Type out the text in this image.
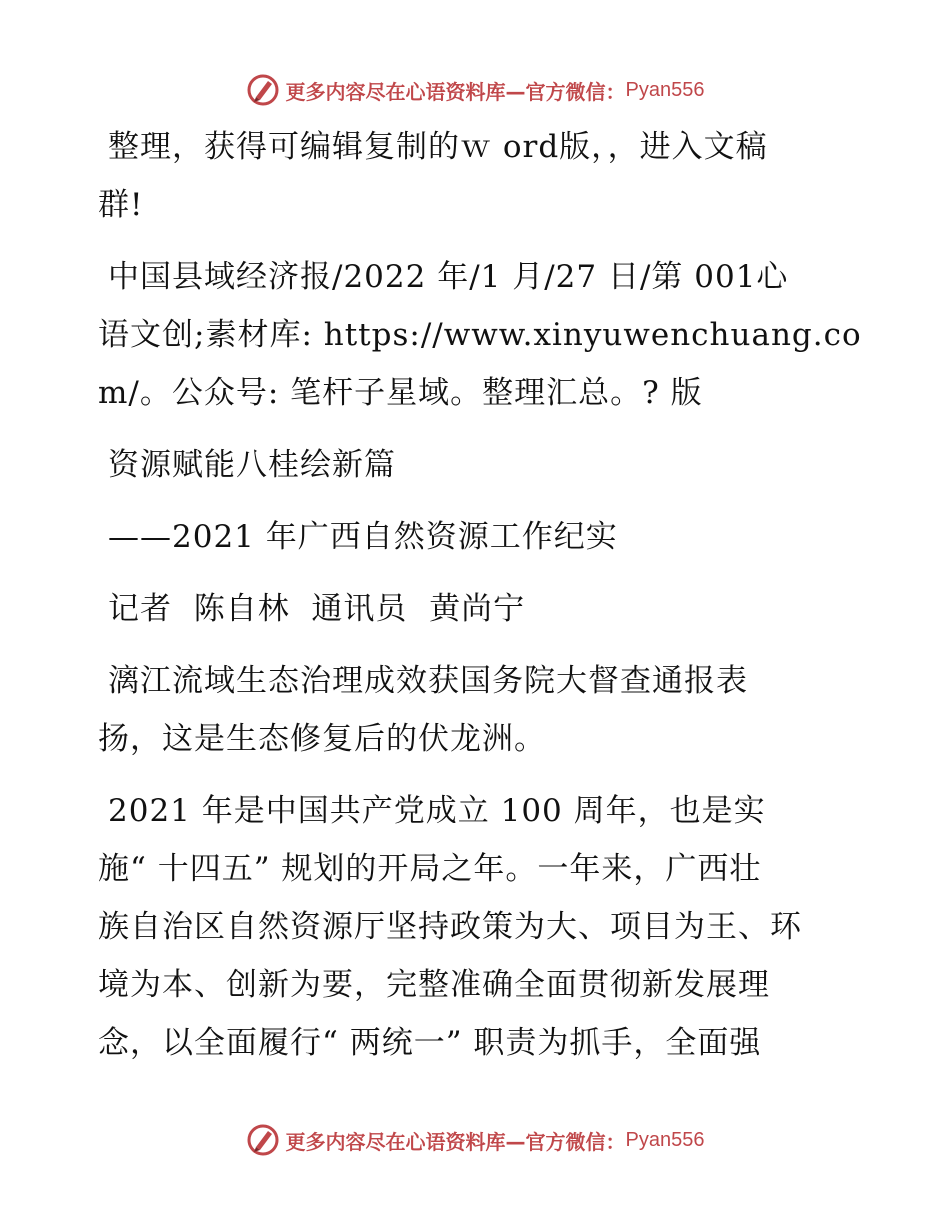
更多内容尽在心语资料库—官方微信： Pyan556
整理，获得可编辑复制的ｗ ord版，，进入文稿
群!
中国县域经济报/2022 年/1 月/27 日/第 001心
语文创;素材库: https://www.xinyuwenchuang.co
m/。公众号: 笔杆子星域。整理汇总。? 版
资源赋能八桂绘新篇
——2021 年广西自然资源工作纪实
记者  陈自林  通讯员  黄尚宁
漓江流域生态治理成效获国务院大督查通报表
扬，这是生态修复后的伏龙洲。
2021 年是中国共产党成立 100 周年，也是实
施“ 十四五” 规划的开局之年。一年来，广西壮
族自治区自然资源厅坚持政策为大、项目为王、环
境为本、创新为要，完整准确全面贯彻新发展理
念，以全面履行“ 两统一” 职责为抓手，全面强
更多内容尽在心语资料库—官方微信： Pyan556
